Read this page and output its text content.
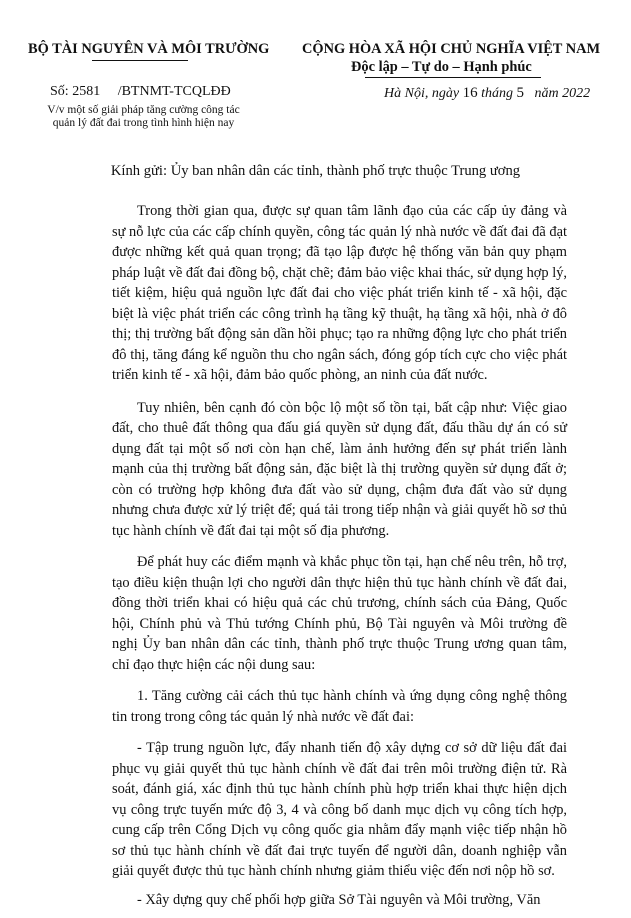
BỘ TÀI NGUYÊN VÀ MÔI TRƯỜNG CỘNG HÒA XÃ HỘI CHỦ NGHĨA VIỆT NAM
Độc lập – Tự do – Hạnh phúc
Số: 2581 /BTNMT-TCQLĐĐ
V/v một số giải pháp tăng cường công tác
quản lý đất đai trong tình hình hiện nay
Hà Nội, ngày 16 tháng 5 năm 2022
Kính gửi: Ủy ban nhân dân các tỉnh, thành phố trực thuộc Trung ương

Trong thời gian qua, được sự quan tâm lãnh đạo của các cấp ủy đảng và sự nỗ lực của các cấp chính quyền, công tác quản lý nhà nước về đất đai đã đạt được những kết quả quan trọng; đã tạo lập được hệ thống văn bản quy phạm pháp luật về đất đai đồng bộ, chặt chẽ; đảm bảo việc khai thác, sử dụng hợp lý, tiết kiệm, hiệu quả nguồn lực đất đai cho việc phát triển kinh tế - xã hội, đặc biệt là việc phát triển các công trình hạ tầng kỹ thuật, hạ tầng xã hội, nhà ở đô thị; thị trường bất động sản dần hồi phục; tạo ra những động lực cho phát triển đô thị, tăng đáng kể nguồn thu cho ngân sách, đóng góp tích cực cho việc phát triển kinh tế - xã hội, đảm bảo quốc phòng, an ninh của đất nước.

Tuy nhiên, bên cạnh đó còn bộc lộ một số tồn tại, bất cập như: Việc giao đất, cho thuê đất thông qua đấu giá quyền sử dụng đất, đấu thầu dự án có sử dụng đất tại một số nơi còn hạn chế, làm ảnh hưởng đến sự phát triển lành mạnh của thị trường bất động sản, đặc biệt là thị trường quyền sử dụng đất ở; còn có trường hợp không đưa đất vào sử dụng, chậm đưa đất vào sử dụng nhưng chưa được xử lý triệt để; quá tải trong tiếp nhận và giải quyết hồ sơ thủ tục hành chính về đất đai tại một số địa phương.

Để phát huy các điểm mạnh và khắc phục tồn tại, hạn chế nêu trên, hỗ trợ, tạo điều kiện thuận lợi cho người dân thực hiện thủ tục hành chính về đất đai, đồng thời triển khai có hiệu quả các chủ trương, chính sách của Đảng, Quốc hội, Chính phủ và Thủ tướng Chính phủ, Bộ Tài nguyên và Môi trường đề nghị Ủy ban nhân dân các tỉnh, thành phố trực thuộc Trung ương quan tâm, chỉ đạo thực hiện các nội dung sau:

1. Tăng cường cải cách thủ tục hành chính và ứng dụng công nghệ thông tin trong trong công tác quản lý nhà nước về đất đai:

- Tập trung nguồn lực, đẩy nhanh tiến độ xây dựng cơ sở dữ liệu đất đai phục vụ giải quyết thủ tục hành chính về đất đai trên môi trường điện tử. Rà soát, đánh giá, xác định thủ tục hành chính phù hợp triển khai thực hiện dịch vụ công trực tuyến mức độ 3, 4 và công bố danh mục dịch vụ công tích hợp, cung cấp trên Cổng Dịch vụ công quốc gia nhằm đẩy mạnh việc tiếp nhận hồ sơ thủ tục hành chính về đất đai trực tuyến để người dân, doanh nghiệp vẫn giải quyết được thủ tục hành chính nhưng giảm thiểu việc đến nơi nộp hồ sơ.

- Xây dựng quy chế phối hợp giữa Sở Tài nguyên và Môi trường, Văn
